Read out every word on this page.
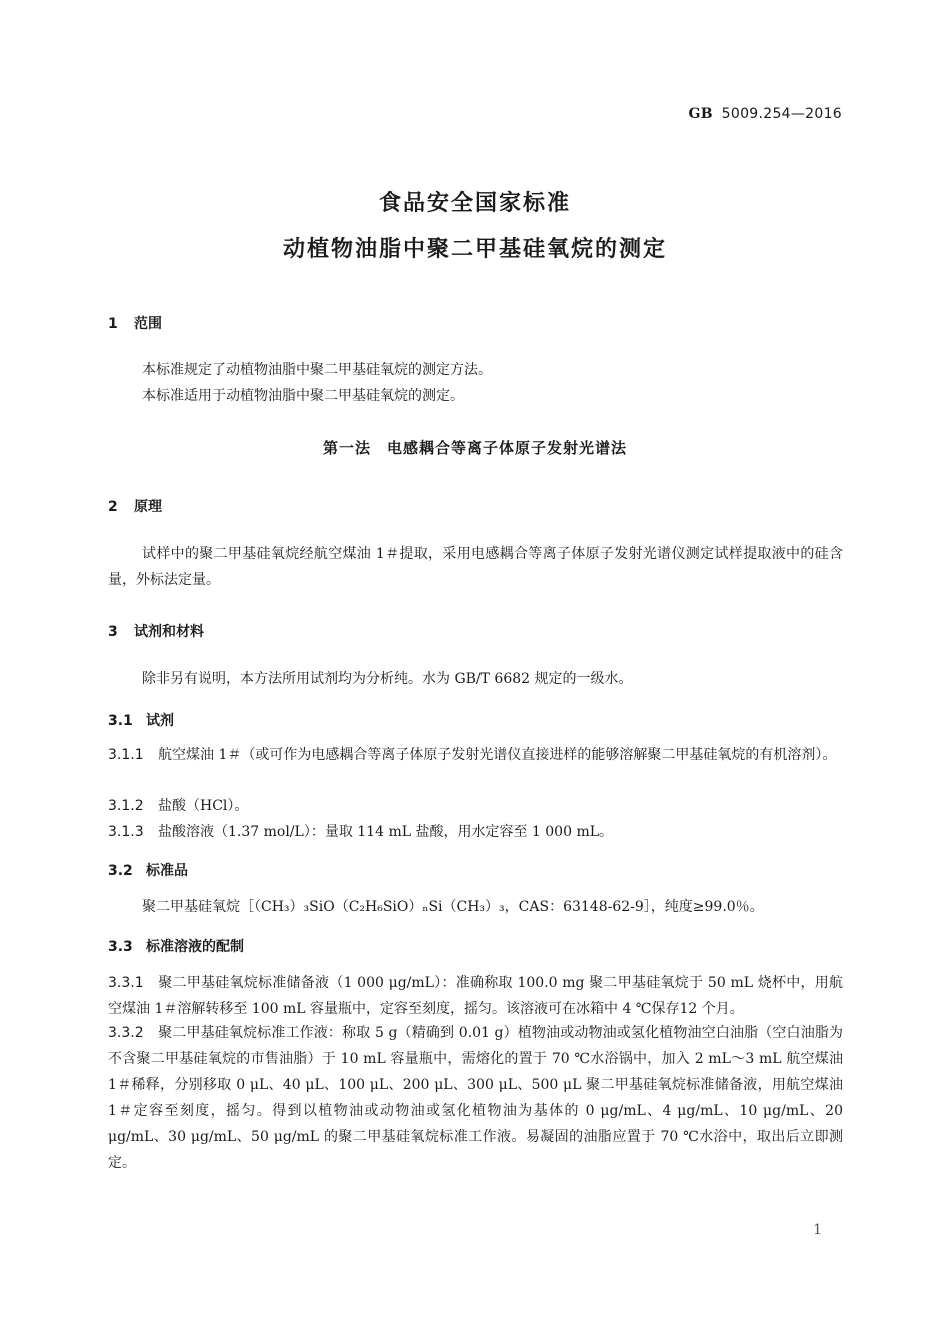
GB 5009.254—2016
食品安全国家标准
动植物油脂中聚二甲基硅氧烷的测定
1 范围
本标准规定了动植物油脂中聚二甲基硅氧烷的测定方法。
本标准适用于动植物油脂中聚二甲基硅氧烷的测定。
第一法　电感耦合等离子体原子发射光谱法
2 原理
试样中的聚二甲基硅氧烷经航空煤油 1＃提取，采用电感耦合等离子体原子发射光谱仪测定试样提取液中的硅含量，外标法定量。
3 试剂和材料
除非另有说明，本方法所用试剂均为分析纯。水为 GB/T 6682 规定的一级水。
3.1 试剂
3.1.1 航空煤油 1＃（或可作为电感耦合等离子体原子发射光谱仪直接进样的能够溶解聚二甲基硅氧烷的有机溶剂）。
3.1.2 盐酸（HCl）。
3.1.3 盐酸溶液（1.37 mol/L）：量取 114 mL 盐酸，用水定容至 1 000 mL。
3.2 标准品
聚二甲基硅氧烷［（CH₃）₃SiO（C₂H₆SiO）ₙSi（CH₃）₃，CAS：63148-62-9］，纯度≥99.0％。
3.3 标准溶液的配制
3.3.1 聚二甲基硅氧烷标准储备液（1 000 μg/mL）：准确称取 100.0 mg 聚二甲基硅氧烷于 50 mL 烧杯中，用航空煤油 1＃溶解转移至 100 mL 容量瓶中，定容至刻度，摇匀。该溶液可在冰箱中 4 ℃保存12 个月。
3.3.2 聚二甲基硅氧烷标准工作液：称取 5 g（精确到 0.01 g）植物油或动物油或氢化植物油空白油脂（空白油脂为不含聚二甲基硅氧烷的市售油脂）于 10 mL 容量瓶中，需熔化的置于 70 ℃水浴锅中，加入 2 mL～3 mL 航空煤油 1＃稀释，分别移取 0 μL、40 μL、100 μL、200 μL、300 μL、500 μL 聚二甲基硅氧烷标准储备液，用航空煤油 1＃定容至刻度，摇匀。得到以植物油或动物油或氢化植物油为基体的 0 μg/mL、4 μg/mL、10 μg/mL、20 μg/mL、30 μg/mL、50 μg/mL 的聚二甲基硅氧烷标准工作液。易凝固的油脂应置于 70 ℃水浴中，取出后立即测定。
1
